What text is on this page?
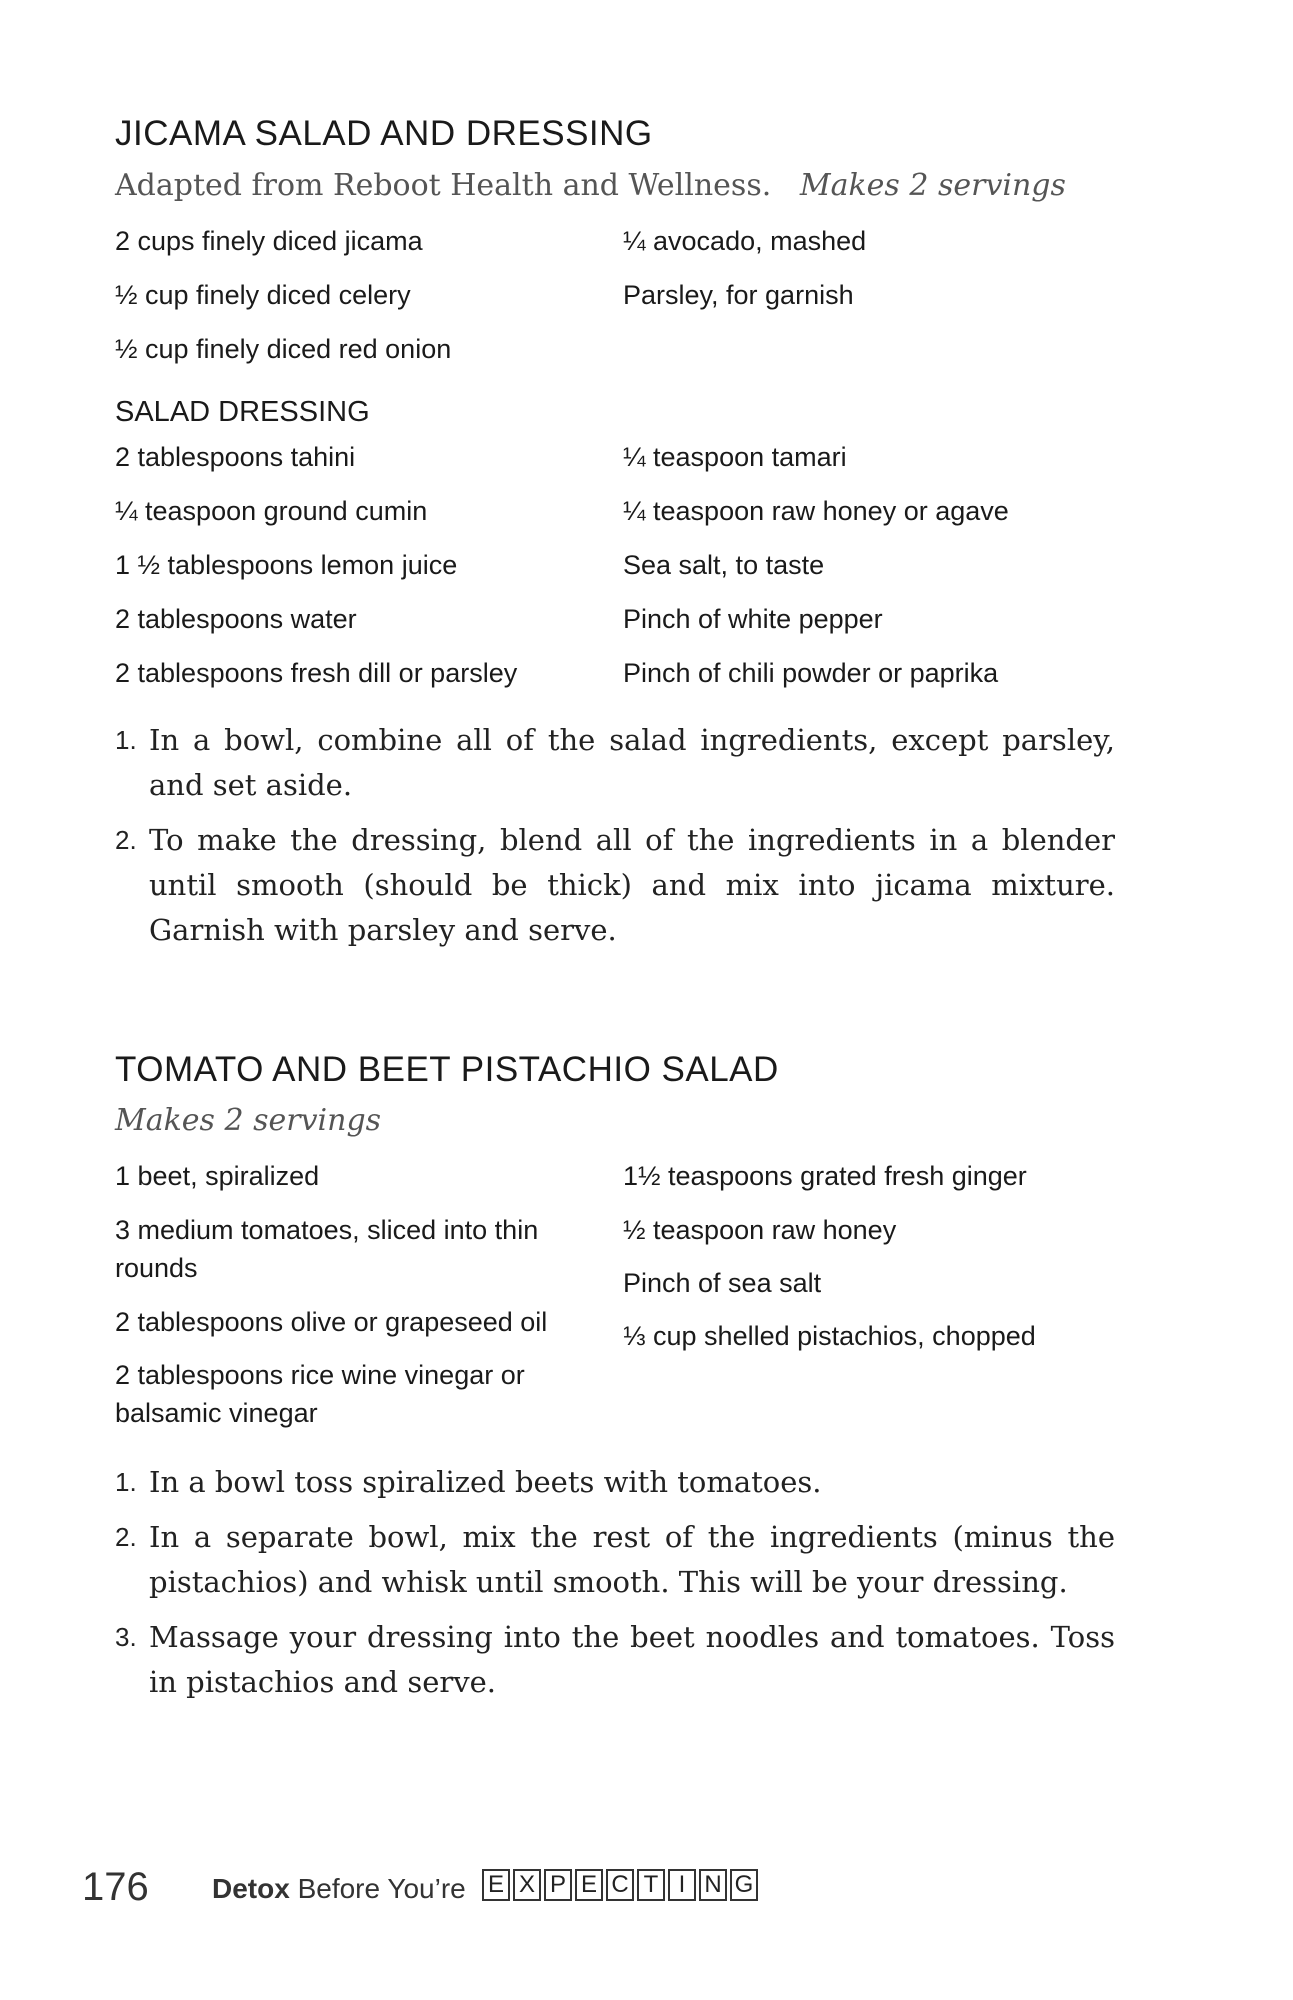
JICAMA SALAD AND DRESSING
Adapted from Reboot Health and Wellness. Makes 2 servings
2 cups finely diced jicama
½ cup finely diced celery
½ cup finely diced red onion
¼ avocado, mashed
Parsley, for garnish
SALAD DRESSING
2 tablespoons tahini
¼ teaspoon ground cumin
1 ½ tablespoons lemon juice
2 tablespoons water
2 tablespoons fresh dill or parsley
¼ teaspoon tamari
¼ teaspoon raw honey or agave
Sea salt, to taste
Pinch of white pepper
Pinch of chili powder or paprika
1. In a bowl, combine all of the salad ingredients, except parsley, and set aside.
2. To make the dressing, blend all of the ingredients in a blender until smooth (should be thick) and mix into jicama mixture. Garnish with parsley and serve.
TOMATO AND BEET PISTACHIO SALAD
Makes 2 servings
1 beet, spiralized
3 medium tomatoes, sliced into thin rounds
2 tablespoons olive or grapeseed oil
2 tablespoons rice wine vinegar or balsamic vinegar
1½ teaspoons grated fresh ginger
½ teaspoon raw honey
Pinch of sea salt
⅓ cup shelled pistachios, chopped
1. In a bowl toss spiralized beets with tomatoes.
2. In a separate bowl, mix the rest of the ingredients (minus the pistachios) and whisk until smooth. This will be your dressing.
3. Massage your dressing into the beet noodles and tomatoes. Toss in pistachios and serve.
176 Detox Before You’re E X P E C T I N G
